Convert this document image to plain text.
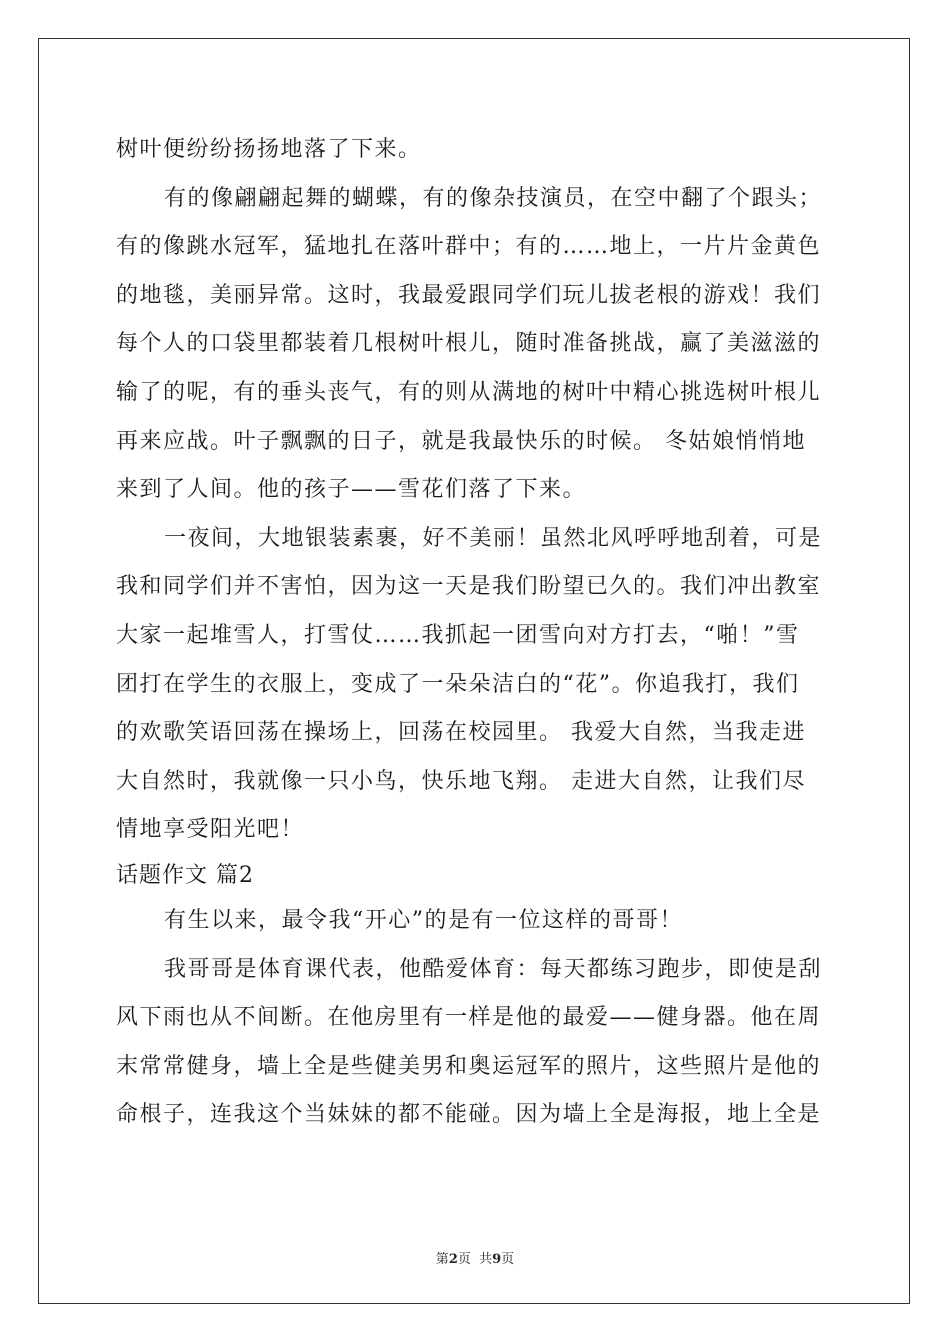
树叶便纷纷扬扬地落了下来。
有的像翩翩起舞的蝴蝶，有的像杂技演员，在空中翻了个跟头；
有的像跳水冠军，猛地扎在落叶群中；有的……地上，一片片金黄色
的地毯，美丽异常。这时，我最爱跟同学们玩儿拔老根的游戏！我们
每个人的口袋里都装着几根树叶根儿，随时准备挑战，赢了美滋滋的
输了的呢，有的垂头丧气，有的则从满地的树叶中精心挑选树叶根儿
再来应战。叶子飘飘的日子，就是我最快乐的时候。 冬姑娘悄悄地
来到了人间。他的孩子——雪花们落了下来。
一夜间，大地银装素裹，好不美丽！虽然北风呼呼地刮着，可是
我和同学们并不害怕，因为这一天是我们盼望已久的。我们冲出教室
大家一起堆雪人，打雪仗……我抓起一团雪向对方打去，“啪！”雪
团打在学生的衣服上，变成了一朵朵洁白的“花”。你追我打，我们
的欢歌笑语回荡在操场上，回荡在校园里。 我爱大自然，当我走进
大自然时，我就像一只小鸟，快乐地飞翔。 走进大自然，让我们尽
情地享受阳光吧！
话题作文 篇2
有生以来，最令我“开心”的是有一位这样的哥哥！
我哥哥是体育课代表，他酷爱体育：每天都练习跑步，即使是刮
风下雨也从不间断。在他房里有一样是他的最爱——健身器。他在周
末常常健身，墙上全是些健美男和奥运冠军的照片，这些照片是他的
命根子，连我这个当妹妹的都不能碰。因为墙上全是海报，地上全是
第2页  共9页
